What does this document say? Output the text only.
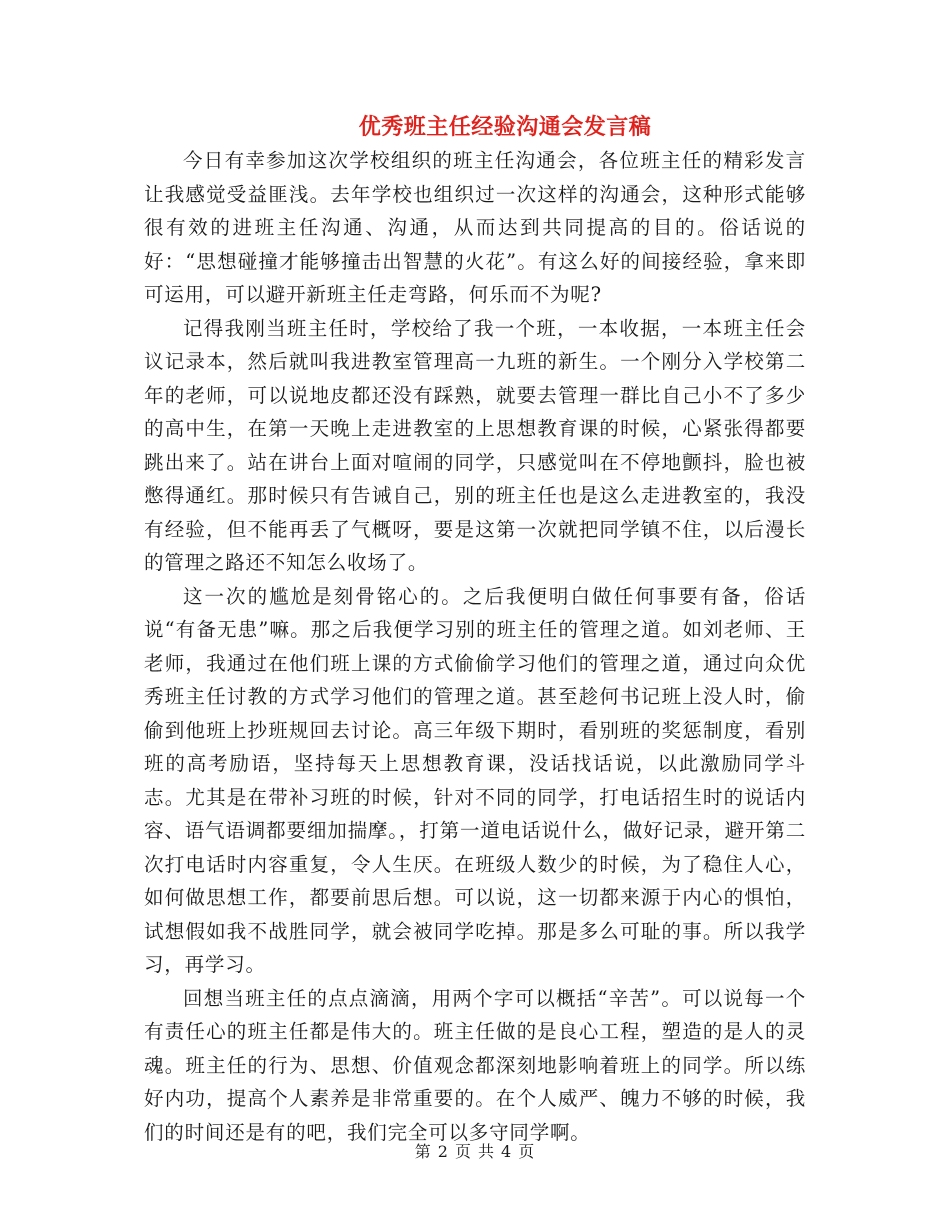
优秀班主任经验沟通会发言稿

今日有幸参加这次学校组织的班主任沟通会，各位班主任的精彩发言让我感觉受益匪浅。去年学校也组织过一次这样的沟通会，这种形式能够很有效的进班主任沟通、沟通，从而达到共同提高的目的。俗话说的好：“思想碰撞才能够撞击出智慧的火花”。有这么好的间接经验，拿来即可运用，可以避开新班主任走弯路，何乐而不为呢?

记得我刚当班主任时，学校给了我一个班，一本收据，一本班主任会议记录本，然后就叫我进教室管理高一九班的新生。一个刚分入学校第二年的老师，可以说地皮都还没有踩熟，就要去管理一群比自己小不了多少的高中生，在第一天晚上走进教室的上思想教育课的时候，心紧张得都要跳出来了。站在讲台上面对喧闹的同学，只感觉叫在不停地颤抖，脸也被憋得通红。那时候只有告诫自己，别的班主任也是这么走进教室的，我没有经验，但不能再丢了气概呀，要是这第一次就把同学镇不住，以后漫长的管理之路还不知怎么收场了。

这一次的尴尬是刻骨铭心的。之后我便明白做任何事要有备，俗话说“有备无患”嘛。那之后我便学习别的班主任的管理之道。如刘老师、王老师，我通过在他们班上课的方式偷偷学习他们的管理之道，通过向众优秀班主任讨教的方式学习他们的管理之道。甚至趁何书记班上没人时，偷偷到他班上抄班规回去讨论。高三年级下期时，看别班的奖惩制度，看别班的高考励语，坚持每天上思想教育课，没话找话说，以此激励同学斗志。尤其是在带补习班的时候，针对不同的同学，打电话招生时的说话内容、语气语调都要细加揣摩。，打第一道电话说什么，做好记录，避开第二次打电话时内容重复，令人生厌。在班级人数少的时候，为了稳住人心，如何做思想工作，都要前思后想。可以说，这一切都来源于内心的惧怕，试想假如我不战胜同学，就会被同学吃掉。那是多么可耻的事。所以我学习，再学习。

回想当班主任的点点滴滴，用两个字可以概括“辛苦”。可以说每一个有责任心的班主任都是伟大的。班主任做的是良心工程，塑造的是人的灵魂。班主任的行为、思想、价值观念都深刻地影响着班上的同学。所以练好内功，提高个人素养是非常重要的。在个人威严、魄力不够的时候，我们的时间还是有的吧，我们完全可以多守同学啊。

第 2 页 共 4 页
